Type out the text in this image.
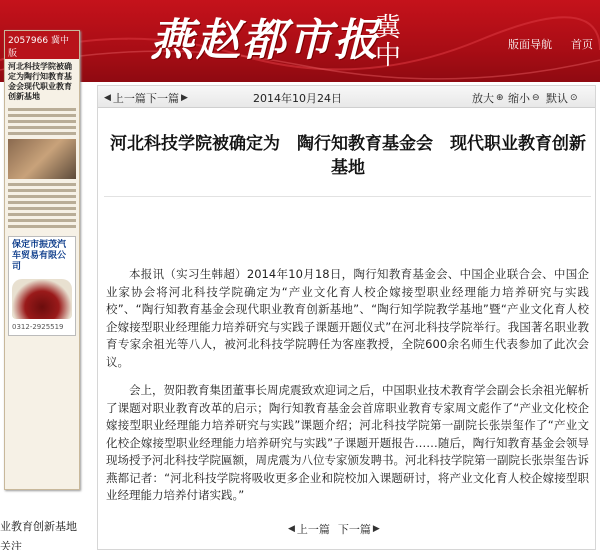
燕赵都市报
冀中	版面导航 首页
2057966 冀中版
河北科技学院被确定为陶行知教育基金会现代职业教育创新基地
保定市振茂汽车贸易有限公司
0312-2925519
业教育创新基地
关注
◀ 上一篇 下一篇 ▶	2014年10月24日	放大 ⊕ 缩小 ⊖ 默认 ⊙
河北科技学院被确定为　陶行知教育基金会　现代职业教育创新基地

本报讯（实习生韩超）2014年10月18日，陶行知教育基金会、中国企业联合会、中国企业家协会将河北科技学院确定为“产业文化育人校企嫁接型职业经理能力培养研究与实践校”、“陶行知教育基金会现代职业教育创新基地”、“陶行知学院教学基地”暨“产业文化育人校企嫁接型职业经理能力培养研究与实践子课题开题仪式”在河北科技学院举行。我国著名职业教育专家余祖光等八人，被河北科技学院聘任为客座教授，全院600余名师生代表参加了此次会议。

会上，贺阳教育集团董事长周虎震致欢迎词之后，中国职业技术教育学会副会长余祖光解析了课题对职业教育改革的启示；陶行知教育基金会首席职业教育专家周文彪作了“产业文化校企嫁接型职业经理能力培养研究与实践”课题介绍；河北科技学院第一副院长张崇玺作了“产业文化校企嫁接型职业经理能力培养研究与实践”子课题开题报告……随后，陶行知教育基金会领导现场授予河北科技学院匾额，周虎震为八位专家颁发聘书。河北科技学院第一副院长张崇玺告诉燕都记者：“河北科技学院将吸收更多企业和院校加入课题研讨，将产业文化育人校企嫁接型职业经理能力培养付诸实践。”

◀ 上一篇 下一篇 ▶
